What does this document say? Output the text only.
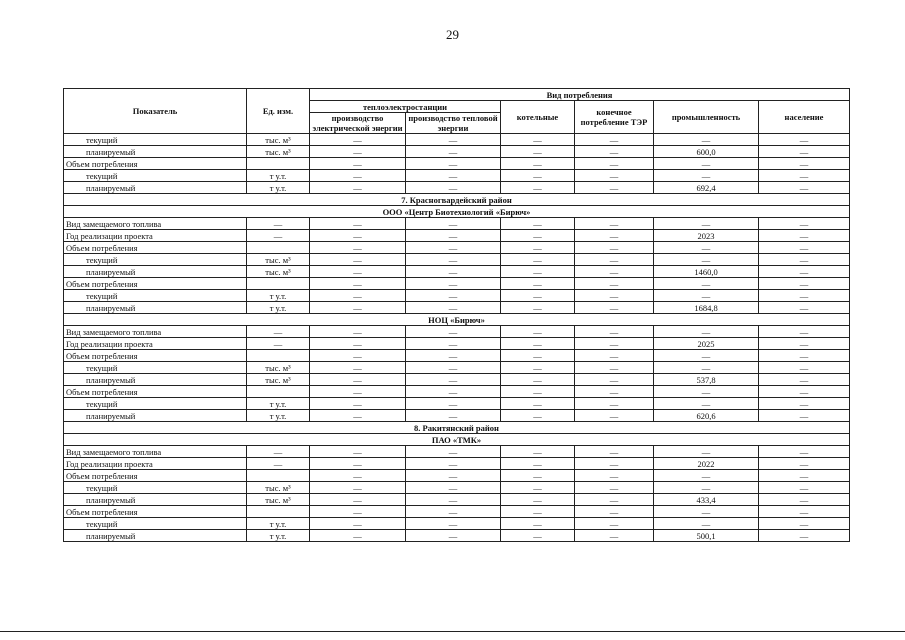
29
Показатель	Ед. изм.	Вид потребления					
		теплоэлектростанции		котельные	конечное потребление ТЭР	промышленность	население
		производство электрической энергии	производство тепловой энергии				
текущий	тыс. м³	—	—	—	—	—	—
планируемый	тыс. м³	—	—	—	—	600,0	—
Объем потребления		—	—	—	—	—	—
текущий	т у.т.	—	—	—	—	—	—
планируемый	т у.т.	—	—	—	—	692,4	—
7. Красногвардейский район							
ООО «Центр Биотехнологий «Бирюч»							
Вид замещаемого топлива	—	—	—	—	—	—	—
Год реализации проекта	—	—	—	—	—	2023	—
Объем потребления		—	—	—	—	—	—
текущий	тыс. м³	—	—	—	—	—	—
планируемый	тыс. м³	—	—	—	—	1460,0	—
Объем потребления		—	—	—	—	—	—
текущий	т у.т.	—	—	—	—	—	—
планируемый	т у.т.	—	—	—	—	1684,8	—
НОЦ «Бирюч»							
Вид замещаемого топлива	—	—	—	—	—	—	—
Год реализации проекта	—	—	—	—	—	2025	—
Объем потребления		—	—	—	—	—	—
текущий	тыс. м³	—	—	—	—	—	—
планируемый	тыс. м³	—	—	—	—	537,8	—
Объем потребления		—	—	—	—	—	—
текущий	т у.т.	—	—	—	—	—	—
планируемый	т у.т.	—	—	—	—	620,6	—
8. Ракитянский район							
ПАО «ТМК»							
Вид замещаемого топлива	—	—	—	—	—	—	—
Год реализации проекта	—	—	—	—	—	2022	—
Объем потребления		—	—	—	—	—	—
текущий	тыс. м³	—	—	—	—	—	—
планируемый	тыс. м³	—	—	—	—	433,4	—
Объем потребления		—	—	—	—	—	—
текущий	т у.т.	—	—	—	—	—	—
планируемый	т у.т.	—	—	—	—	500,1	—
